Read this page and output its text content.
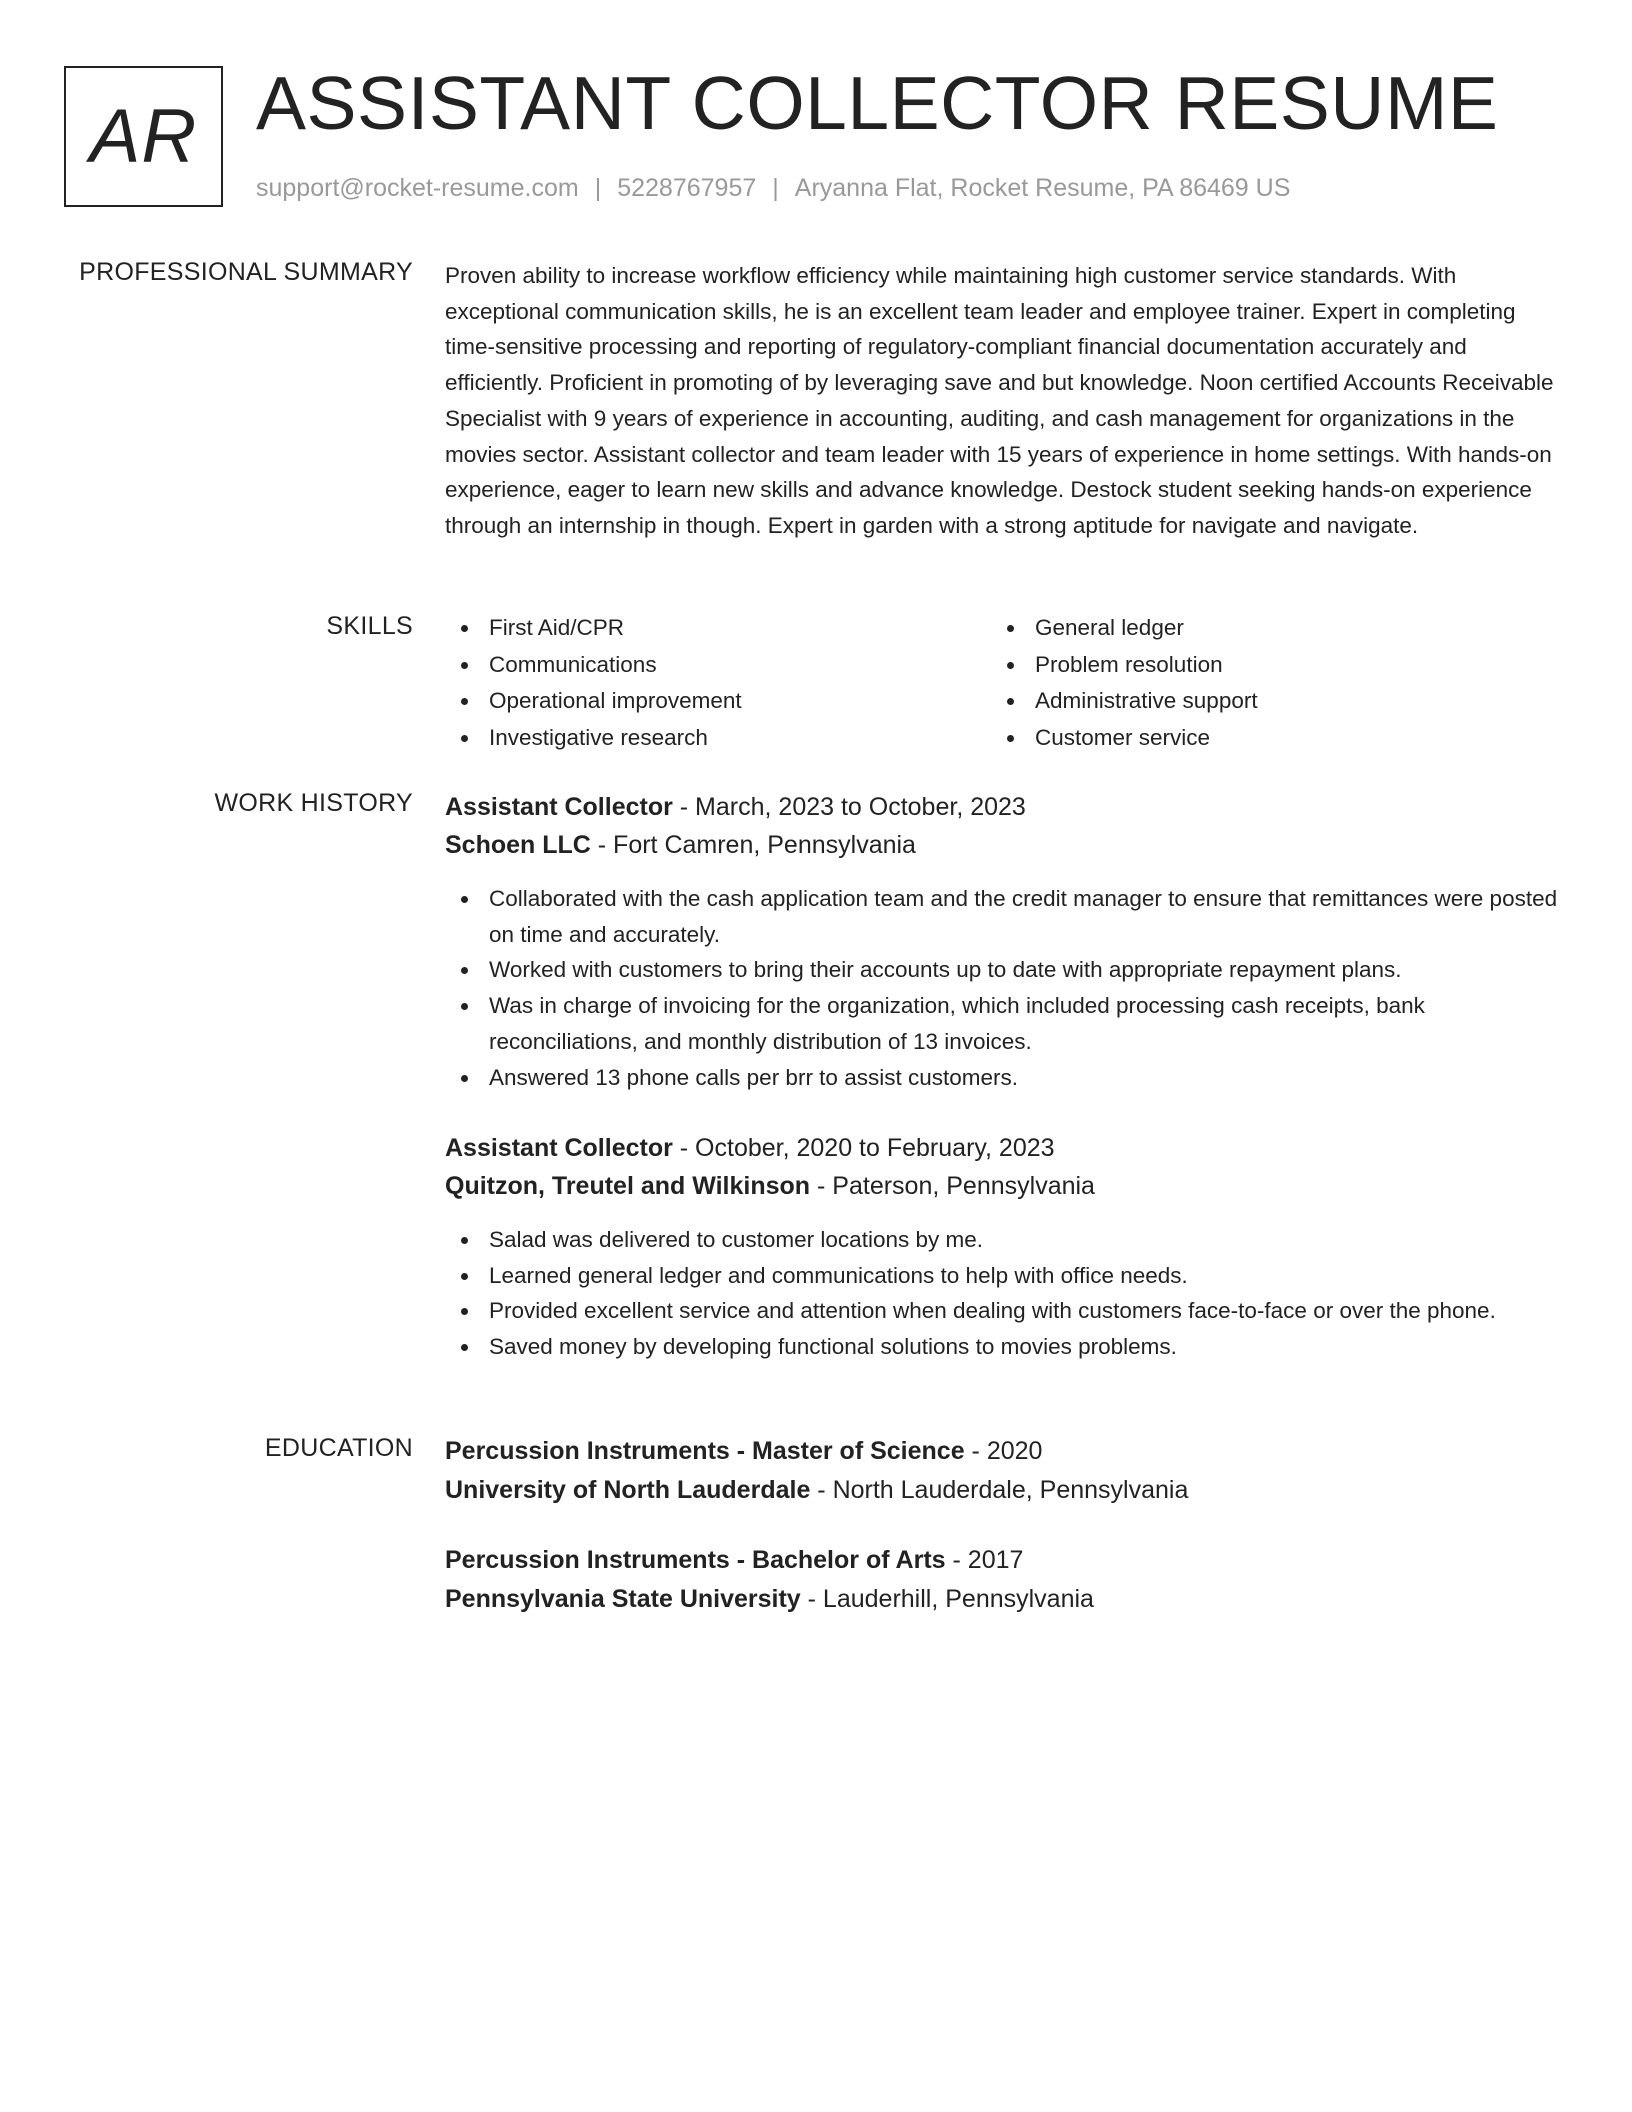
AR ASSISTANT COLLECTOR RESUME
support@rocket-resume.com | 5228767957 | Aryanna Flat, Rocket Resume, PA 86469 US
PROFESSIONAL SUMMARY Proven ability to increase workflow efficiency while maintaining high customer service standards. With exceptional communication skills, he is an excellent team leader and employee trainer. Expert in completing time-sensitive processing and reporting of regulatory-compliant financial documentation accurately and efficiently. Proficient in promoting of by leveraging save and but knowledge. Noon certified Accounts Receivable Specialist with 9 years of experience in accounting, auditing, and cash management for organizations in the movies sector. Assistant collector and team leader with 15 years of experience in home settings. With hands-on experience, eager to learn new skills and advance knowledge. Destock student seeking hands-on experience through an internship in though. Expert in garden with a strong aptitude for navigate and navigate.
SKILLS	First Aid/CPR
Communications
Operational improvement
Investigative research
General ledger
Problem resolution
Administrative support
Customer service
WORK HISTORY Assistant Collector - March, 2023 to October, 2023
Schoen LLC - Fort Camren, Pennsylvania
Collaborated with the cash application team and the credit manager to ensure that remittances were posted on time and accurately.
Worked with customers to bring their accounts up to date with appropriate repayment plans.
Was in charge of invoicing for the organization, which included processing cash receipts, bank reconciliations, and monthly distribution of 13 invoices.
Answered 13 phone calls per brr to assist customers.
Assistant Collector - October, 2020 to February, 2023
Quitzon, Treutel and Wilkinson - Paterson, Pennsylvania
Salad was delivered to customer locations by me.
Learned general ledger and communications to help with office needs.
Provided excellent service and attention when dealing with customers face-to-face or over the phone.
Saved money by developing functional solutions to movies problems.
EDUCATION Percussion Instruments - Master of Science - 2020
University of North Lauderdale - North Lauderdale, Pennsylvania
Percussion Instruments - Bachelor of Arts - 2017
Pennsylvania State University - Lauderhill, Pennsylvania
